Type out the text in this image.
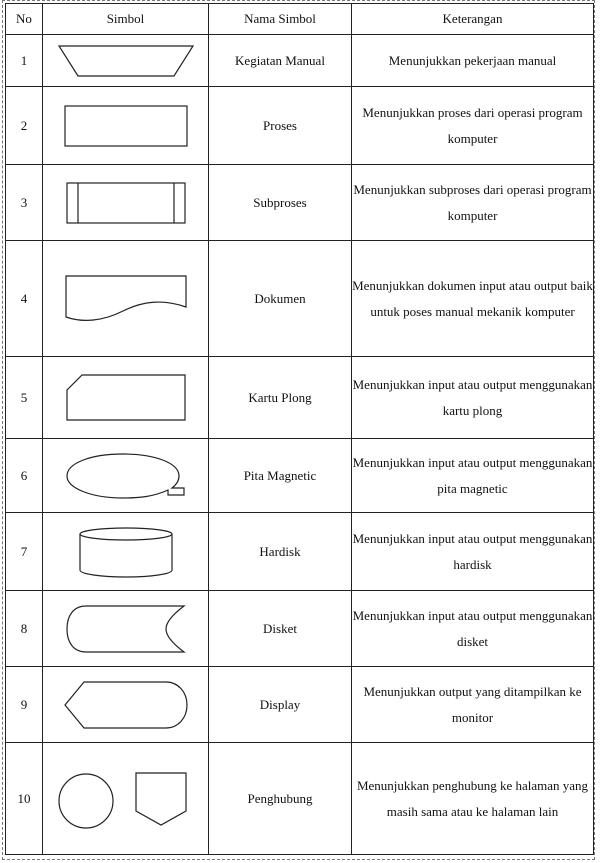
No	Simbol	Nama Simbol	Keterangan
1		Kegiatan Manual	Menunjukkan pekerjaan manual
2		Proses	Menunjukkan proses dari operasi program komputer
3		Subproses	Menunjukkan subproses dari operasi program komputer
4		Dokumen	Menunjukkan dokumen input atau output baik untuk poses manual mekanik komputer
5		Kartu Plong	Menunjukkan input atau output menggunakan kartu plong
6		Pita Magnetic	Menunjukkan input atau output menggunakan pita magnetic
7		Hardisk	Menunjukkan input atau output menggunakan hardisk
8		Disket	Menunjukkan input atau output menggunakan disket
9		Display	Menunjukkan output yang ditampilkan ke monitor
10		Penghubung	Menunjukkan penghubung ke halaman yang masih sama atau ke halaman lain
